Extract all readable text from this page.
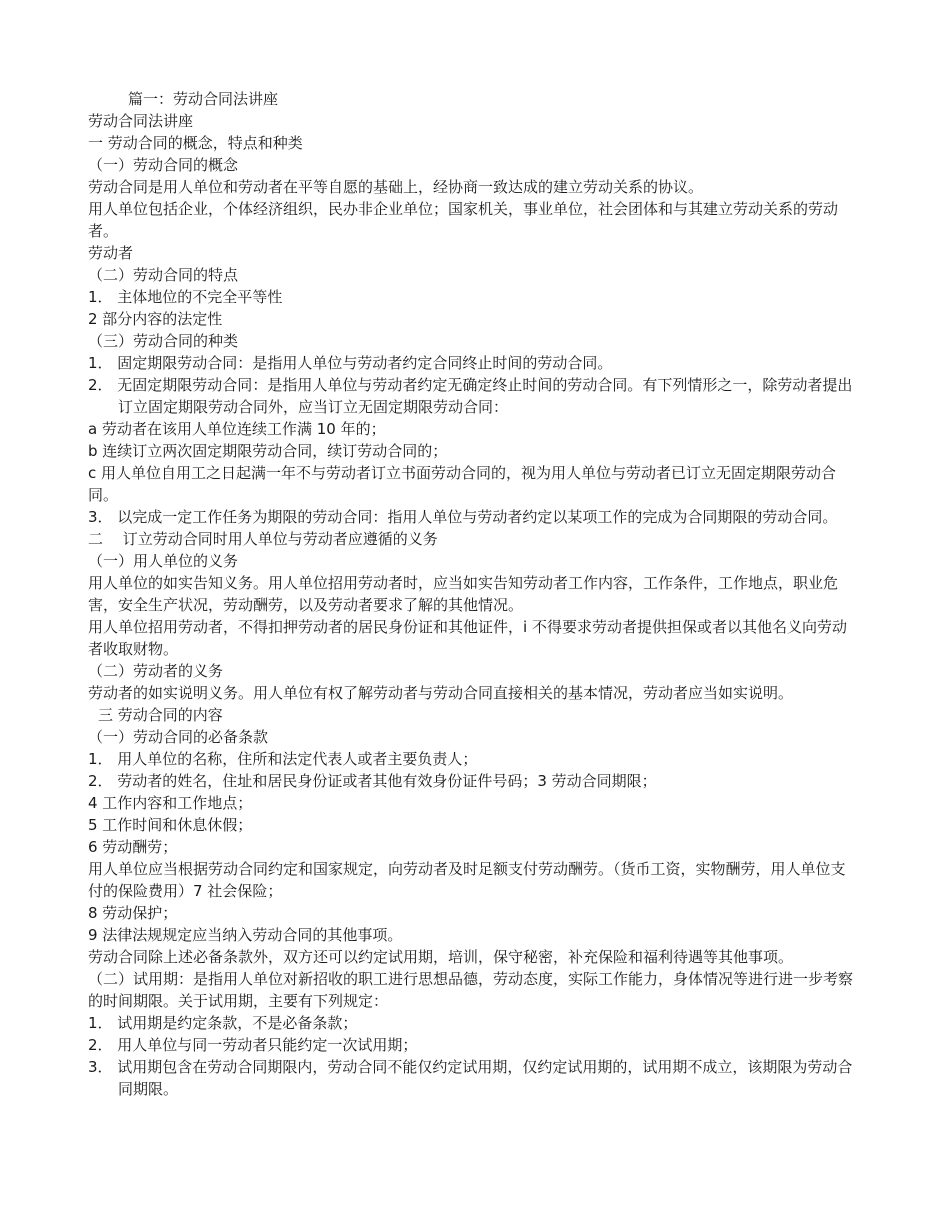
篇一：劳动合同法讲座

劳动合同法讲座

一 劳动合同的概念，特点和种类

（一）劳动合同的概念

劳动合同是用人单位和劳动者在平等自愿的基础上，经协商一致达成的建立劳动关系的协议。

用人单位包括企业，个体经济组织，民办非企业单位；国家机关，事业单位，社会团体和与其建立劳动关系的劳动者。

劳动者

（二）劳动合同的特点

1． 主体地位的不完全平等性

2 部分内容的法定性

（三）劳动合同的种类

1． 固定期限劳动合同：是指用人单位与劳动者约定合同终止时间的劳动合同。

2． 无固定期限劳动合同：是指用人单位与劳动者约定无确定终止时间的劳动合同。有下列情形之一，除劳动者提出订立固定期限劳动合同外，应当订立无固定期限劳动合同：

a 劳动者在该用人单位连续工作满 10 年的；

b 连续订立两次固定期限劳动合同，续订劳动合同的；

c 用人单位自用工之日起满一年不与劳动者订立书面劳动合同的，视为用人单位与劳动者已订立无固定期限劳动合同。

3． 以完成一定工作任务为期限的劳动合同：指用人单位与劳动者约定以某项工作的完成为合同期限的劳动合同。

二　 订立劳动合同时用人单位与劳动者应遵循的义务

（一）用人单位的义务

用人单位的如实告知义务。用人单位招用劳动者时，应当如实告知劳动者工作内容，工作条件，工作地点，职业危害，安全生产状况，劳动酬劳，以及劳动者要求了解的其他情况。

用人单位招用劳动者，不得扣押劳动者的居民身份证和其他证件，i 不得要求劳动者提供担保或者以其他名义向劳动者收取财物。

（二）劳动者的义务

劳动者的如实说明义务。用人单位有权了解劳动者与劳动合同直接相关的基本情况，劳动者应当如实说明。

三 劳动合同的内容

（一）劳动合同的必备条款

1． 用人单位的名称，住所和法定代表人或者主要负责人；

2． 劳动者的姓名，住址和居民身份证或者其他有效身份证件号码；3 劳动合同期限；

4 工作内容和工作地点；

5 工作时间和休息休假；

6 劳动酬劳；

用人单位应当根据劳动合同约定和国家规定，向劳动者及时足额支付劳动酬劳。（货币工资，实物酬劳，用人单位支付的保险费用）7 社会保险；

8 劳动保护；

9 法律法规规定应当纳入劳动合同的其他事项。

劳动合同除上述必备条款外，双方还可以约定试用期，培训，保守秘密，补充保险和福利待遇等其他事项。

（二）试用期：是指用人单位对新招收的职工进行思想品德，劳动态度，实际工作能力，身体情况等进行进一步考察的时间期限。关于试用期，主要有下列规定：

1． 试用期是约定条款，不是必备条款；

2． 用人单位与同一劳动者只能约定一次试用期；

3． 试用期包含在劳动合同期限内，劳动合同不能仅约定试用期，仅约定试用期的，试用期不成立，该期限为劳动合同期限。
